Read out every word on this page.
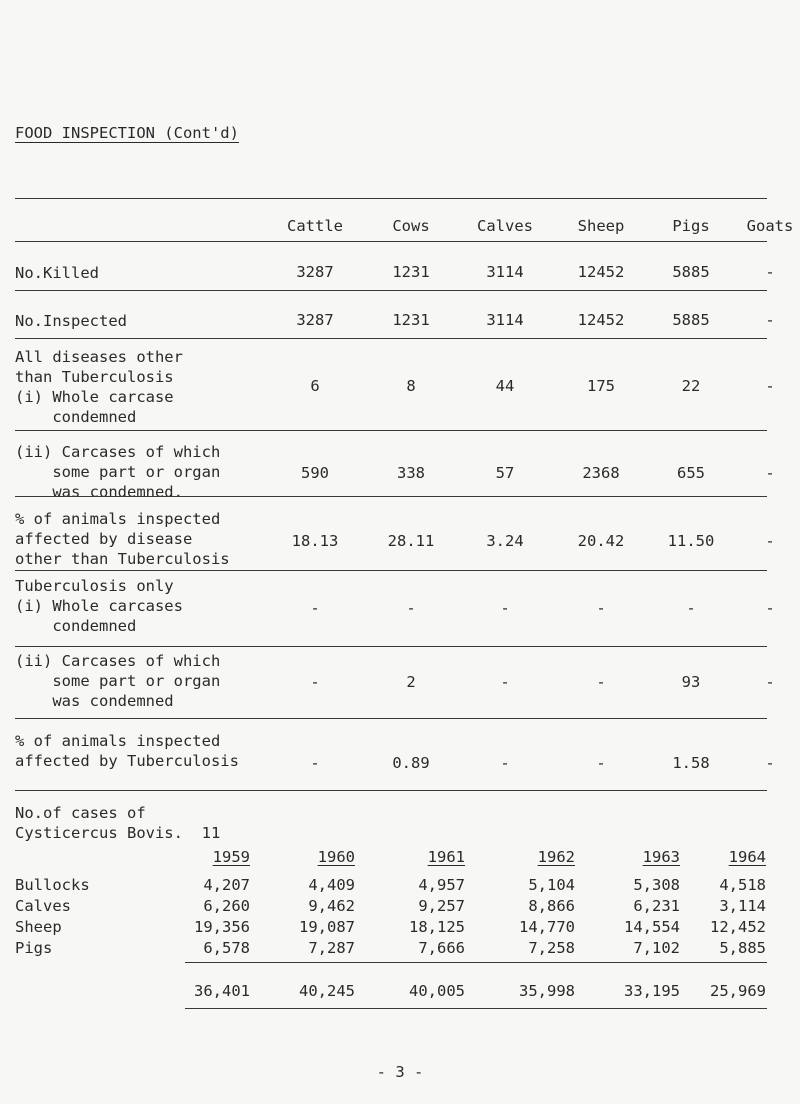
FOOD INSPECTION (Cont'd)
Cattle	Cows	Calves	Sheep	Pigs	Goats
No.Killed	3287	1231	3114	12452	5885	-
No.Inspected	3287	1231	3114	12452	5885	-
All diseases other
than Tuberculosis
(i) Whole carcase
condemned
6	8	44	175	22	-
(ii) Carcases of which
some part or organ
was condemned.
590	338	57	2368	655	-
% of animals inspected
affected by disease
other than Tuberculosis
18.13	28.11	3.24	20.42	11.50	-
Tuberculosis only
(i) Whole carcases
condemned
-	-	-	-	-	-
(ii) Carcases of which
some part or organ
was condemned
-	2	-	-	93	-
% of animals inspected
affected by Tuberculosis	-	0.89	-	-	1.58	-
No.of cases of
Cysticercus Bovis.  11
1959	1960	1961	1962	1963	1964
Bullocks	4,207	4,409	4,957	5,104	5,308	4,518
Calves	6,260	9,462	9,257	8,866	6,231	3,114
Sheep	19,356	19,087	18,125	14,770	14,554	12,452
Pigs	6,578	7,287	7,666	7,258	7,102	5,885
36,401	40,245	40,005	35,998	33,195	25,969
- 3 -
